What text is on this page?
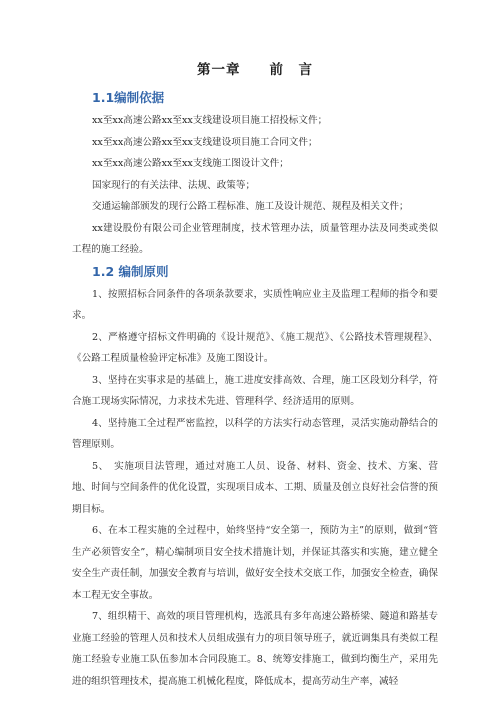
第一章　　前　言
1.1编制依据

xx至xx高速公路xx至xx支线建设项目施工招投标文件；

xx至xx高速公路xx至xx支线建设项目施工合同文件；

xx至xx高速公路xx至xx支线施工图设计文件；

国家现行的有关法律、法规、政策等；

交通运输部颁发的现行公路工程标准、施工及设计规范、规程及相关文件；

xx建设股份有限公司企业管理制度，技术管理办法，质量管理办法及同类或类似工程的施工经验。

1.2 编制原则

1、按照招标合同条件的各项条款要求，实质性响应业主及监理工程师的指令和要求。

2、严格遵守招标文件明确的《设计规范》、《施工规范》、《公路技术管理规程》、《公路工程质量检验评定标准》及施工图设计。

3、坚持在实事求是的基础上，施工进度安排高效、合理，施工区段划分科学，符合施工现场实际情况，力求技术先进、管理科学、经济适用的原则。

4、坚持施工全过程严密监控，以科学的方法实行动态管理，灵活实施动静结合的管理原则。

5、　实施项目法管理，通过对施工人员、设备、材料、资金、技术、方案、营地、时间与空间条件的优化设置，实现项目成本、工期、质量及创立良好社会信誉的预期目标。

6、在本工程实施的全过程中，始终坚持“安全第一，预防为主”的原则，做到“管生产必须管安全”，精心编制项目安全技术措施计划，并保证其落实和实施，建立健全安全生产责任制，加强安全教育与培训，做好安全技术交底工作，加强安全检查，确保本工程无安全事故。

7、组织精干、高效的项目管理机构，选派具有多年高速公路桥梁、隧道和路基专业施工经验的管理人员和技术人员组成强有力的项目领导班子，就近调集具有类似工程施工经验专业施工队伍参加本合同段施工。8、统筹安排施工，做到均衡生产，采用先进的组织管理技术，提高施工机械化程度，降低成本，提高劳动生产率，减轻
